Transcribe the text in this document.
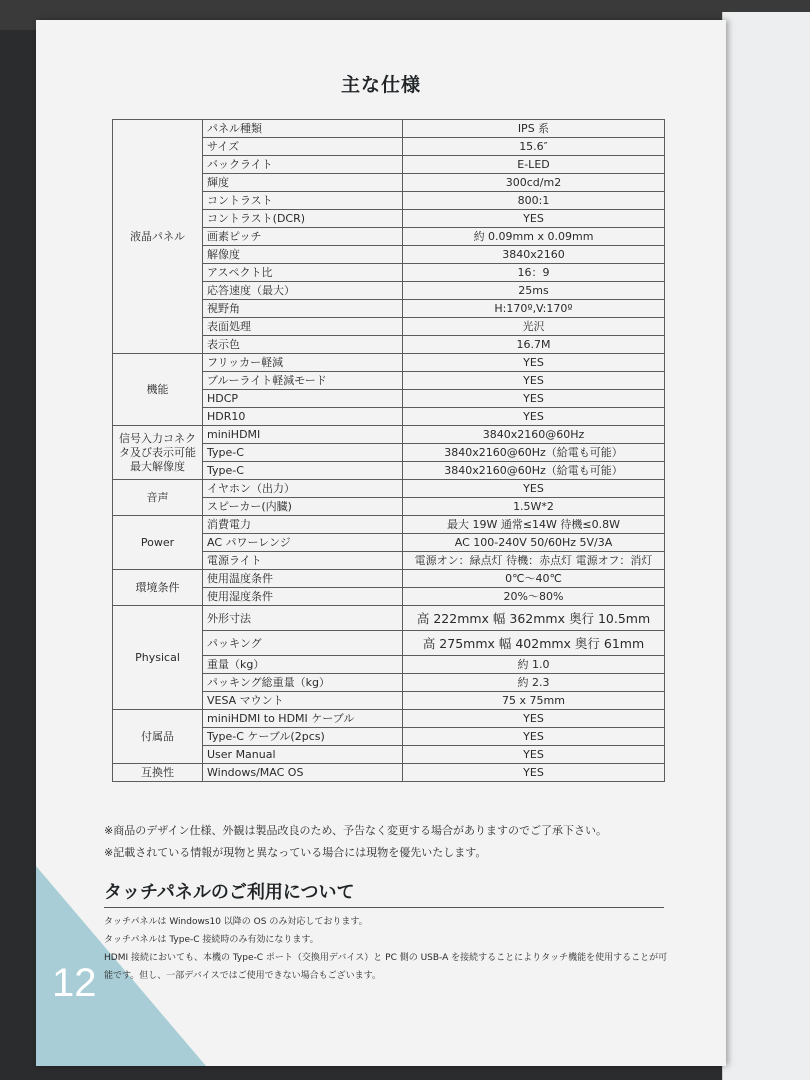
12
主な仕様
液晶パネル	パネル種類	IPS 系
	サイズ	15.6″
	バックライト	E-LED
	輝度	300cd/m2
	コントラスト	800:1
	コントラスト(DCR)	YES
	画素ピッチ	約 0.09mm x 0.09mm
	解像度	3840x2160
	アスペクト比	16：9
	応答速度（最大）	25ms
	視野角	H:170º,V:170º
	表面処理	光沢
	表示色	16.7M
機能	フリッカー軽減	YES
	ブルーライト軽減モード	YES
	HDCP	YES
	HDR10	YES
信号入力コネクタ及び表示可能最大解像度	miniHDMI	3840x2160@60Hz
	Type-C	3840x2160@60Hz（給電も可能）
	Type-C	3840x2160@60Hz（給電も可能）
音声	イヤホン（出力）	YES
	スピーカー(内臓)	1.5W*2
Power	消費電力	最大 19W 通常≤14W 待機≤0.8W
	AC パワーレンジ	AC 100-240V 50/60Hz 5V/3A
	電源ライト	電源オン：緑点灯 待機：赤点灯 電源オフ：消灯
環境条件	使用温度条件	0℃～40℃
	使用湿度条件	20%～80%
Physical	外形寸法	高 222mmx 幅 362mmx 奥行 10.5mm
	パッキング	高 275mmx 幅 402mmx 奥行 61mm
	重量（kg）	約 1.0
	パッキング総重量（kg）	約 2.3
	VESA マウント	75 x 75mm
付属品	miniHDMI to HDMI ケーブル	YES
	Type-C ケーブル(2pcs)	YES
	User Manual	YES
互換性	Windows/MAC OS	YES
※商品のデザイン仕様、外観は製品改良のため、予告なく変更する場合がありますのでご了承下さい。
※記載されている情報が現物と異なっている場合には現物を優先いたします。
タッチパネルのご利用について

タッチパネルは Windows10 以降の OS のみ対応しております。

タッチパネルは Type-C 接続時のみ有効になります。

HDMI 接続においても、本機の Type-C ポート（交換用デバイス）と PC 側の USB-A を接続することによりタッチ機能を使用することが可能です。但し、一部デバイスではご使用できない場合もございます。
